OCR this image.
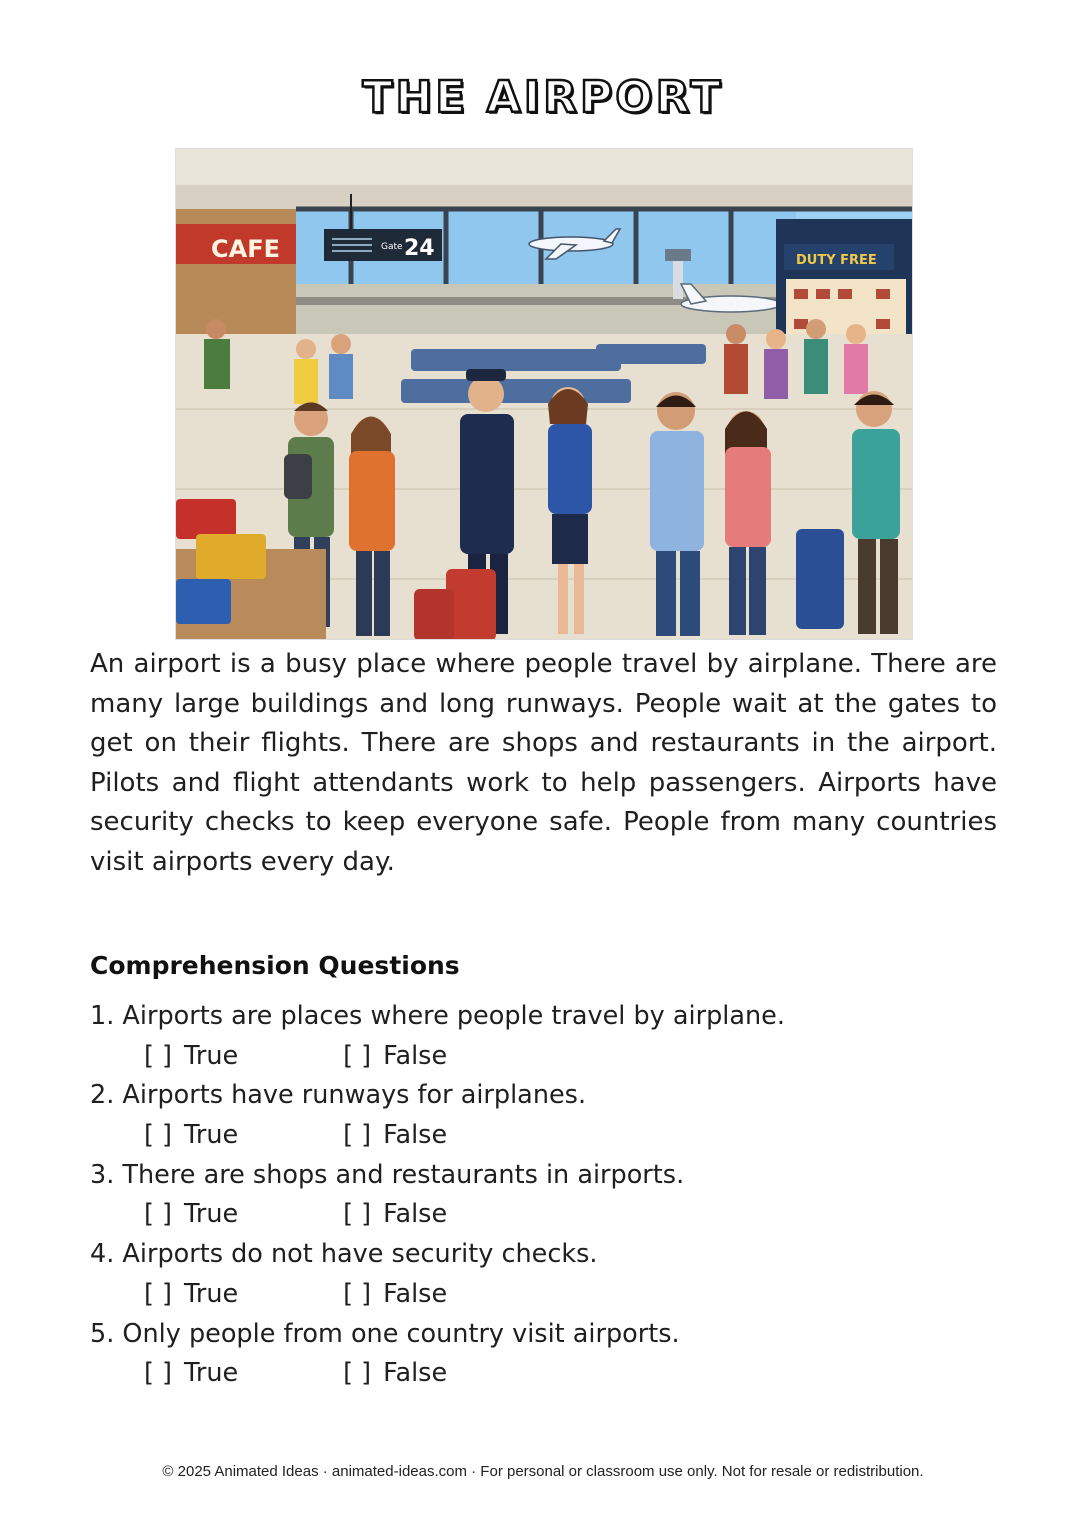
THE AIRPORT
CAFE	Gate 24	DUTY FREE

An airport is a busy place where people travel by airplane. There are many large buildings and long runways. People wait at the gates to get on their flights. There are shops and restaurants in the airport. Pilots and flight attendants work to help passengers. Airports have security checks to keep everyone safe. People from many countries visit airports every day.

Comprehension Questions
1. Airports are places where people travel by airplane.
[ ] True	[ ] False
2. Airports have runways for airplanes.
[ ] True	[ ] False
3. There are shops and restaurants in airports.
[ ] True	[ ] False
4. Airports do not have security checks.
[ ] True	[ ] False
5. Only people from one country visit airports.
[ ] True	[ ] False
© 2025 Animated Ideas · animated-ideas.com · For personal or classroom use only. Not for resale or redistribution.
